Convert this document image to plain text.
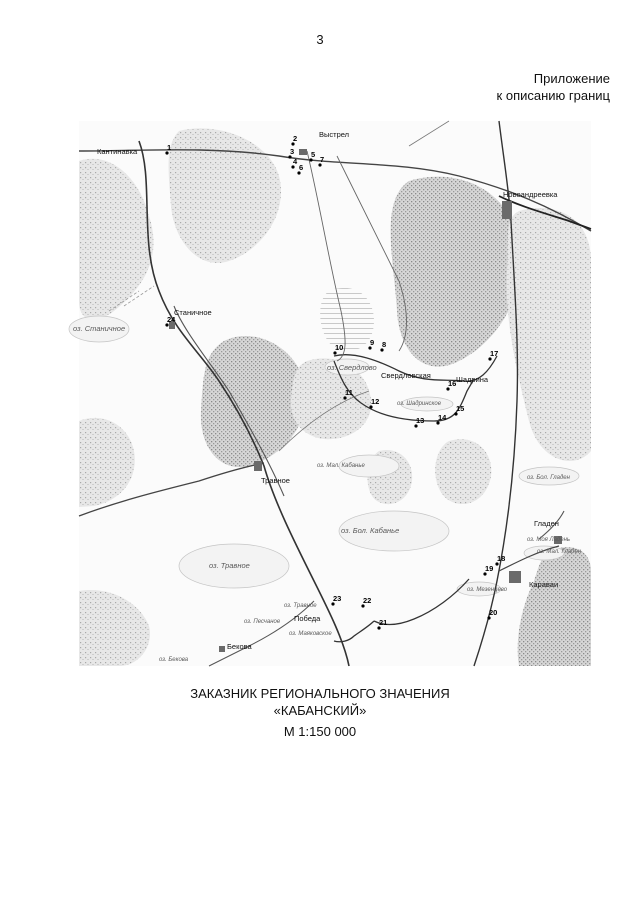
3
Приложение
к описанию границ
Кантинавка
Выстрел
Новоандреевка
Станичное
Свердловская	Шадрина
Травное
Гладен
Караваи
Победа
Бекова
оз. Станичное
оз. Свердлово
оз. Шадринское
оз. Мал. Кабанье
оз. Бол. Кабанье
оз. Бол. Гладен
оз. Травное
оз. Мал. Гладен
оз. Моя Ладень
оз. Мезенцево
оз. Травное
оз. Песчаное
оз. Маяковское
оз. Бекова
1
2
3
4
5
6
7
8
9
10
11
12
13 14
15
16
17
18
19
20
21
22
23
24
ЗАКАЗНИК РЕГИОНАЛЬНОГО ЗНАЧЕНИЯ
«КАБАНСКИЙ»
М 1:150 000
